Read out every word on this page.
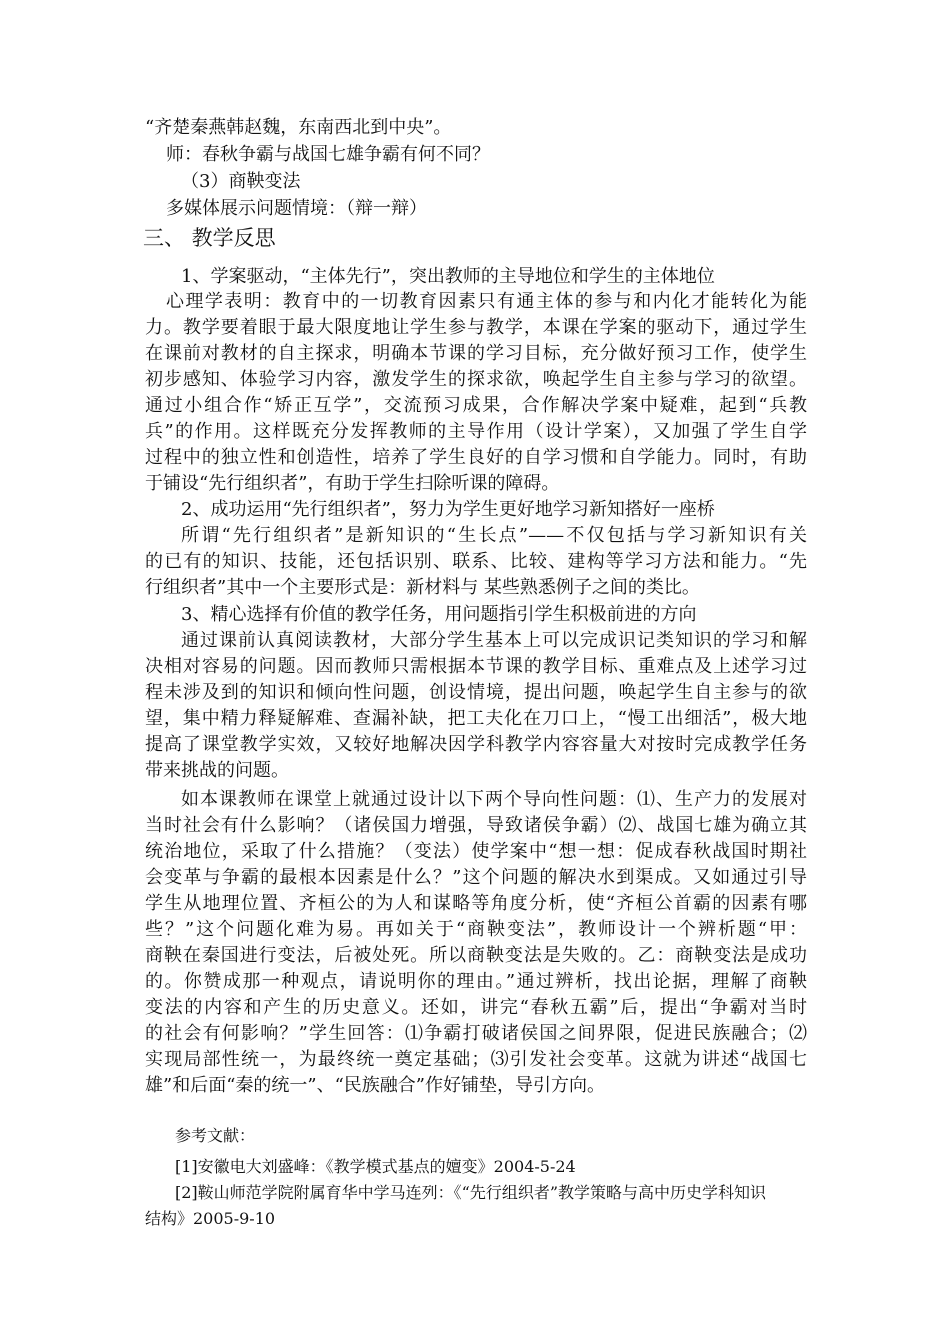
“齐楚秦燕韩赵魏，东南西北到中央”。
师：春秋争霸与战国七雄争霸有何不同？
（3）商鞅变法
多媒体展示问题情境：（辩一辩）
三、 教学反思
1、学案驱动，“主体先行”，突出教师的主导地位和学生的主体地位
心理学表明：教育中的一切教育因素只有通主体的参与和内化才能转化为能
力。教学要着眼于最大限度地让学生参与教学，本课在学案的驱动下，通过学生
在课前对教材的自主探求，明确本节课的学习目标，充分做好预习工作，使学生
初步感知、体验学习内容，激发学生的探求欲，唤起学生自主参与学习的欲望。
通过小组合作“矫正互学”，交流预习成果，合作解决学案中疑难，起到“兵教
兵”的作用。这样既充分发挥教师的主导作用（设计学案），又加强了学生自学
过程中的独立性和创造性，培养了学生良好的自学习惯和自学能力。同时，有助
于铺设“先行组织者”，有助于学生扫除听课的障碍。
2、成功运用“先行组织者”，努力为学生更好地学习新知搭好一座桥
所谓“先行组织者”是新知识的“生长点”——不仅包括与学习新知识有关
的已有的知识、技能，还包括识别、联系、比较、建构等学习方法和能力。“先
行组织者”其中一个主要形式是：新材料与 某些熟悉例子之间的类比。
3、精心选择有价值的教学任务，用问题指引学生积极前进的方向
通过课前认真阅读教材，大部分学生基本上可以完成识记类知识的学习和解
决相对容易的问题。因而教师只需根据本节课的教学目标、重难点及上述学习过
程未涉及到的知识和倾向性问题，创设情境，提出问题，唤起学生自主参与的欲
望，集中精力释疑解难、查漏补缺，把工夫化在刀口上，“慢工出细活”，极大地
提高了课堂教学实效，又较好地解决因学科教学内容容量大对按时完成教学任务
带来挑战的问题。
如本课教师在课堂上就通过设计以下两个导向性问题：⑴、生产力的发展对
当时社会有什么影响？（诸侯国力增强，导致诸侯争霸）⑵、战国七雄为确立其
统治地位，采取了什么措施？（变法）使学案中“想一想：促成春秋战国时期社
会变革与争霸的最根本因素是什么？”这个问题的解决水到渠成。又如通过引导
学生从地理位置、齐桓公的为人和谋略等角度分析，使“齐桓公首霸的因素有哪
些？”这个问题化难为易。再如关于“商鞅变法”，教师设计一个辨析题“甲：
商鞅在秦国进行变法，后被处死。所以商鞅变法是失败的。乙：商鞅变法是成功
的。你赞成那一种观点，请说明你的理由。”通过辨析，找出论据，理解了商鞅
变法的内容和产生的历史意义。还如，讲完“春秋五霸”后，提出“争霸对当时
的社会有何影响？”学生回答：⑴争霸打破诸侯国之间界限，促进民族融合；⑵
实现局部性统一，为最终统一奠定基础；⑶引发社会变革。这就为讲述“战国七
雄”和后面“秦的统一”、“民族融合”作好铺垫，导引方向。
参考文献：
[1]安徽电大刘盛峰：《教学模式基点的嬗变》2004-5-24
[2]鞍山师范学院附属育华中学马连列：《“先行组织者”教学策略与高中历史学科知识
结构》2005-9-10
